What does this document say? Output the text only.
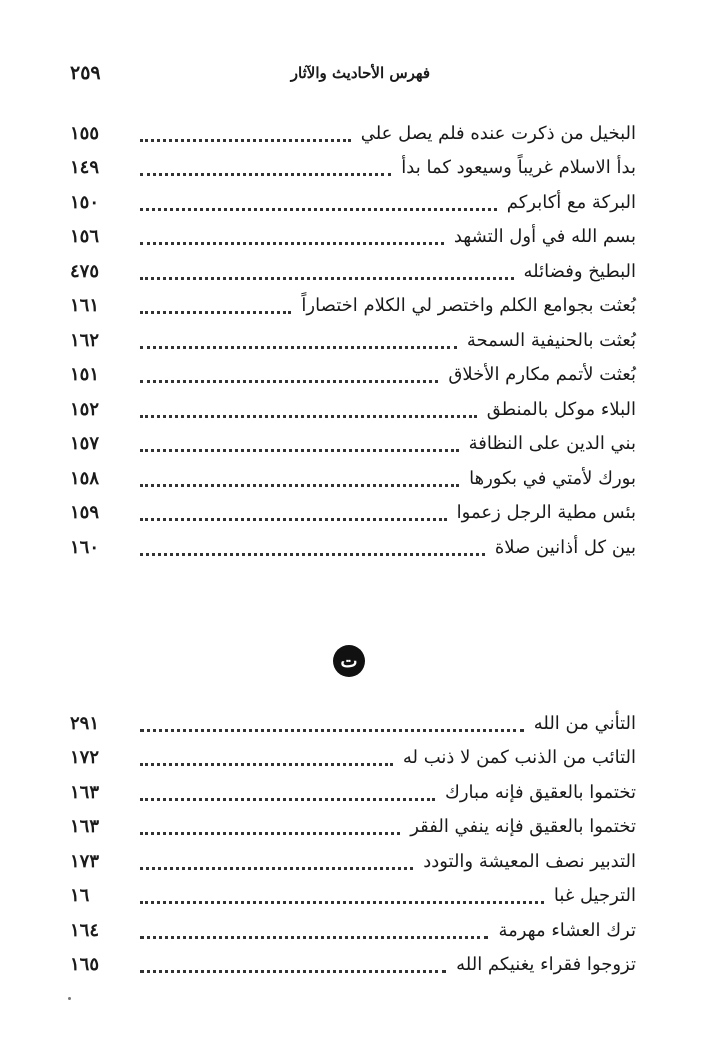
٢٥٩	فهرس الأحاديث والآثار
١٥٥	البخيل من ذكرت عنده فلم يصل علي
١٤٩	بدأ الاسلام غريباً وسيعود كما بدأ
١٥٠	البركة مع أكابركم
١٥٦	بسم الله في أول التشهد
٤٧٥	البطيخ وفضائله
١٦١	بُعثت بجوامع الكلم واختصر لي الكلام اختصاراً
١٦٢	بُعثت بالحنيفية السمحة
١٥١	بُعثت لأتمم مكارم الأخلاق
١٥٢	البلاء موكل بالمنطق
١٥٧	بني الدين على النظافة
١٥٨	بورك لأمتي في بكورها
١٥٩	بئس مطية الرجل زعموا
١٦٠	بين كل أذانين صلاة
ت
٢٩١	التأني من الله
١٧٢	التائب من الذنب كمن لا ذنب له
١٦٣	تختموا بالعقيق فإنه مبارك
١٦٣	تختموا بالعقيق فإنه ينفي الفقر
١٧٣	التدبير نصف المعيشة والتودد
١٦	الترجيل غبا
١٦٤	ترك العشاء مهرمة
١٦٥	تزوجوا فقراء يغنيكم الله
